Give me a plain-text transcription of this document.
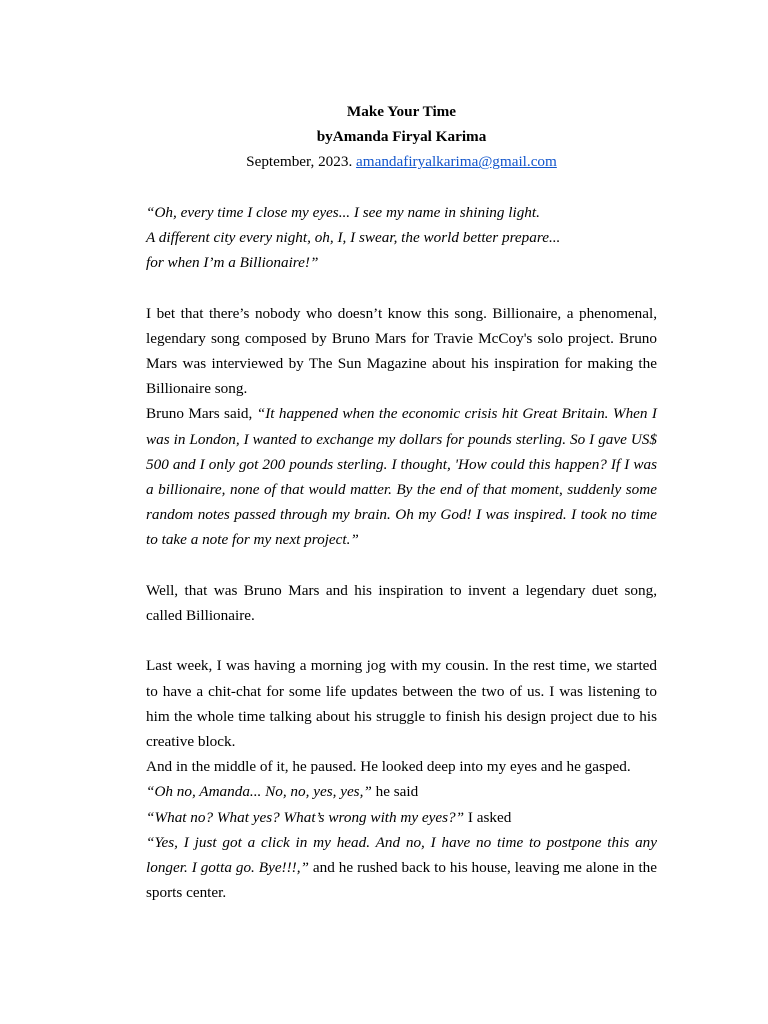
Make Your Time
byAmanda Firyal Karima
September, 2023. amandafiryalkarima@gmail.com
“Oh, every time I close my eyes... I see my name in shining light.
A different city every night, oh, I, I swear, the world better prepare...
for when I’m a Billionaire!”

I bet that there’s nobody who doesn’t know this song. Billionaire, a phenomenal, legendary song composed by Bruno Mars for Travie McCoy's solo project. Bruno Mars was interviewed by The Sun Magazine about his inspiration for making the Billionaire song.

Bruno Mars said, “It happened when the economic crisis hit Great Britain. When I was in London, I wanted to exchange my dollars for pounds sterling. So I gave US$ 500 and I only got 200 pounds sterling. I thought, 'How could this happen? If I was a billionaire, none of that would matter. By the end of that moment, suddenly some random notes passed through my brain. Oh my God! I was inspired. I took no time to take a note for my next project.”

Well, that was Bruno Mars and his inspiration to invent a legendary duet song, called Billionaire.

Last week, I was having a morning jog with my cousin. In the rest time, we started to have a chit-chat for some life updates between the two of us. I was listening to him the whole time talking about his struggle to finish his design project due to his creative block.

And in the middle of it, he paused. He looked deep into my eyes and he gasped.

“Oh no, Amanda... No, no, yes, yes,” he said

“What no? What yes? What’s wrong with my eyes?” I asked

“Yes, I just got a click in my head. And no, I have no time to postpone this any longer. I gotta go. Bye!!!,” and he rushed back to his house, leaving me alone in the sports center.
